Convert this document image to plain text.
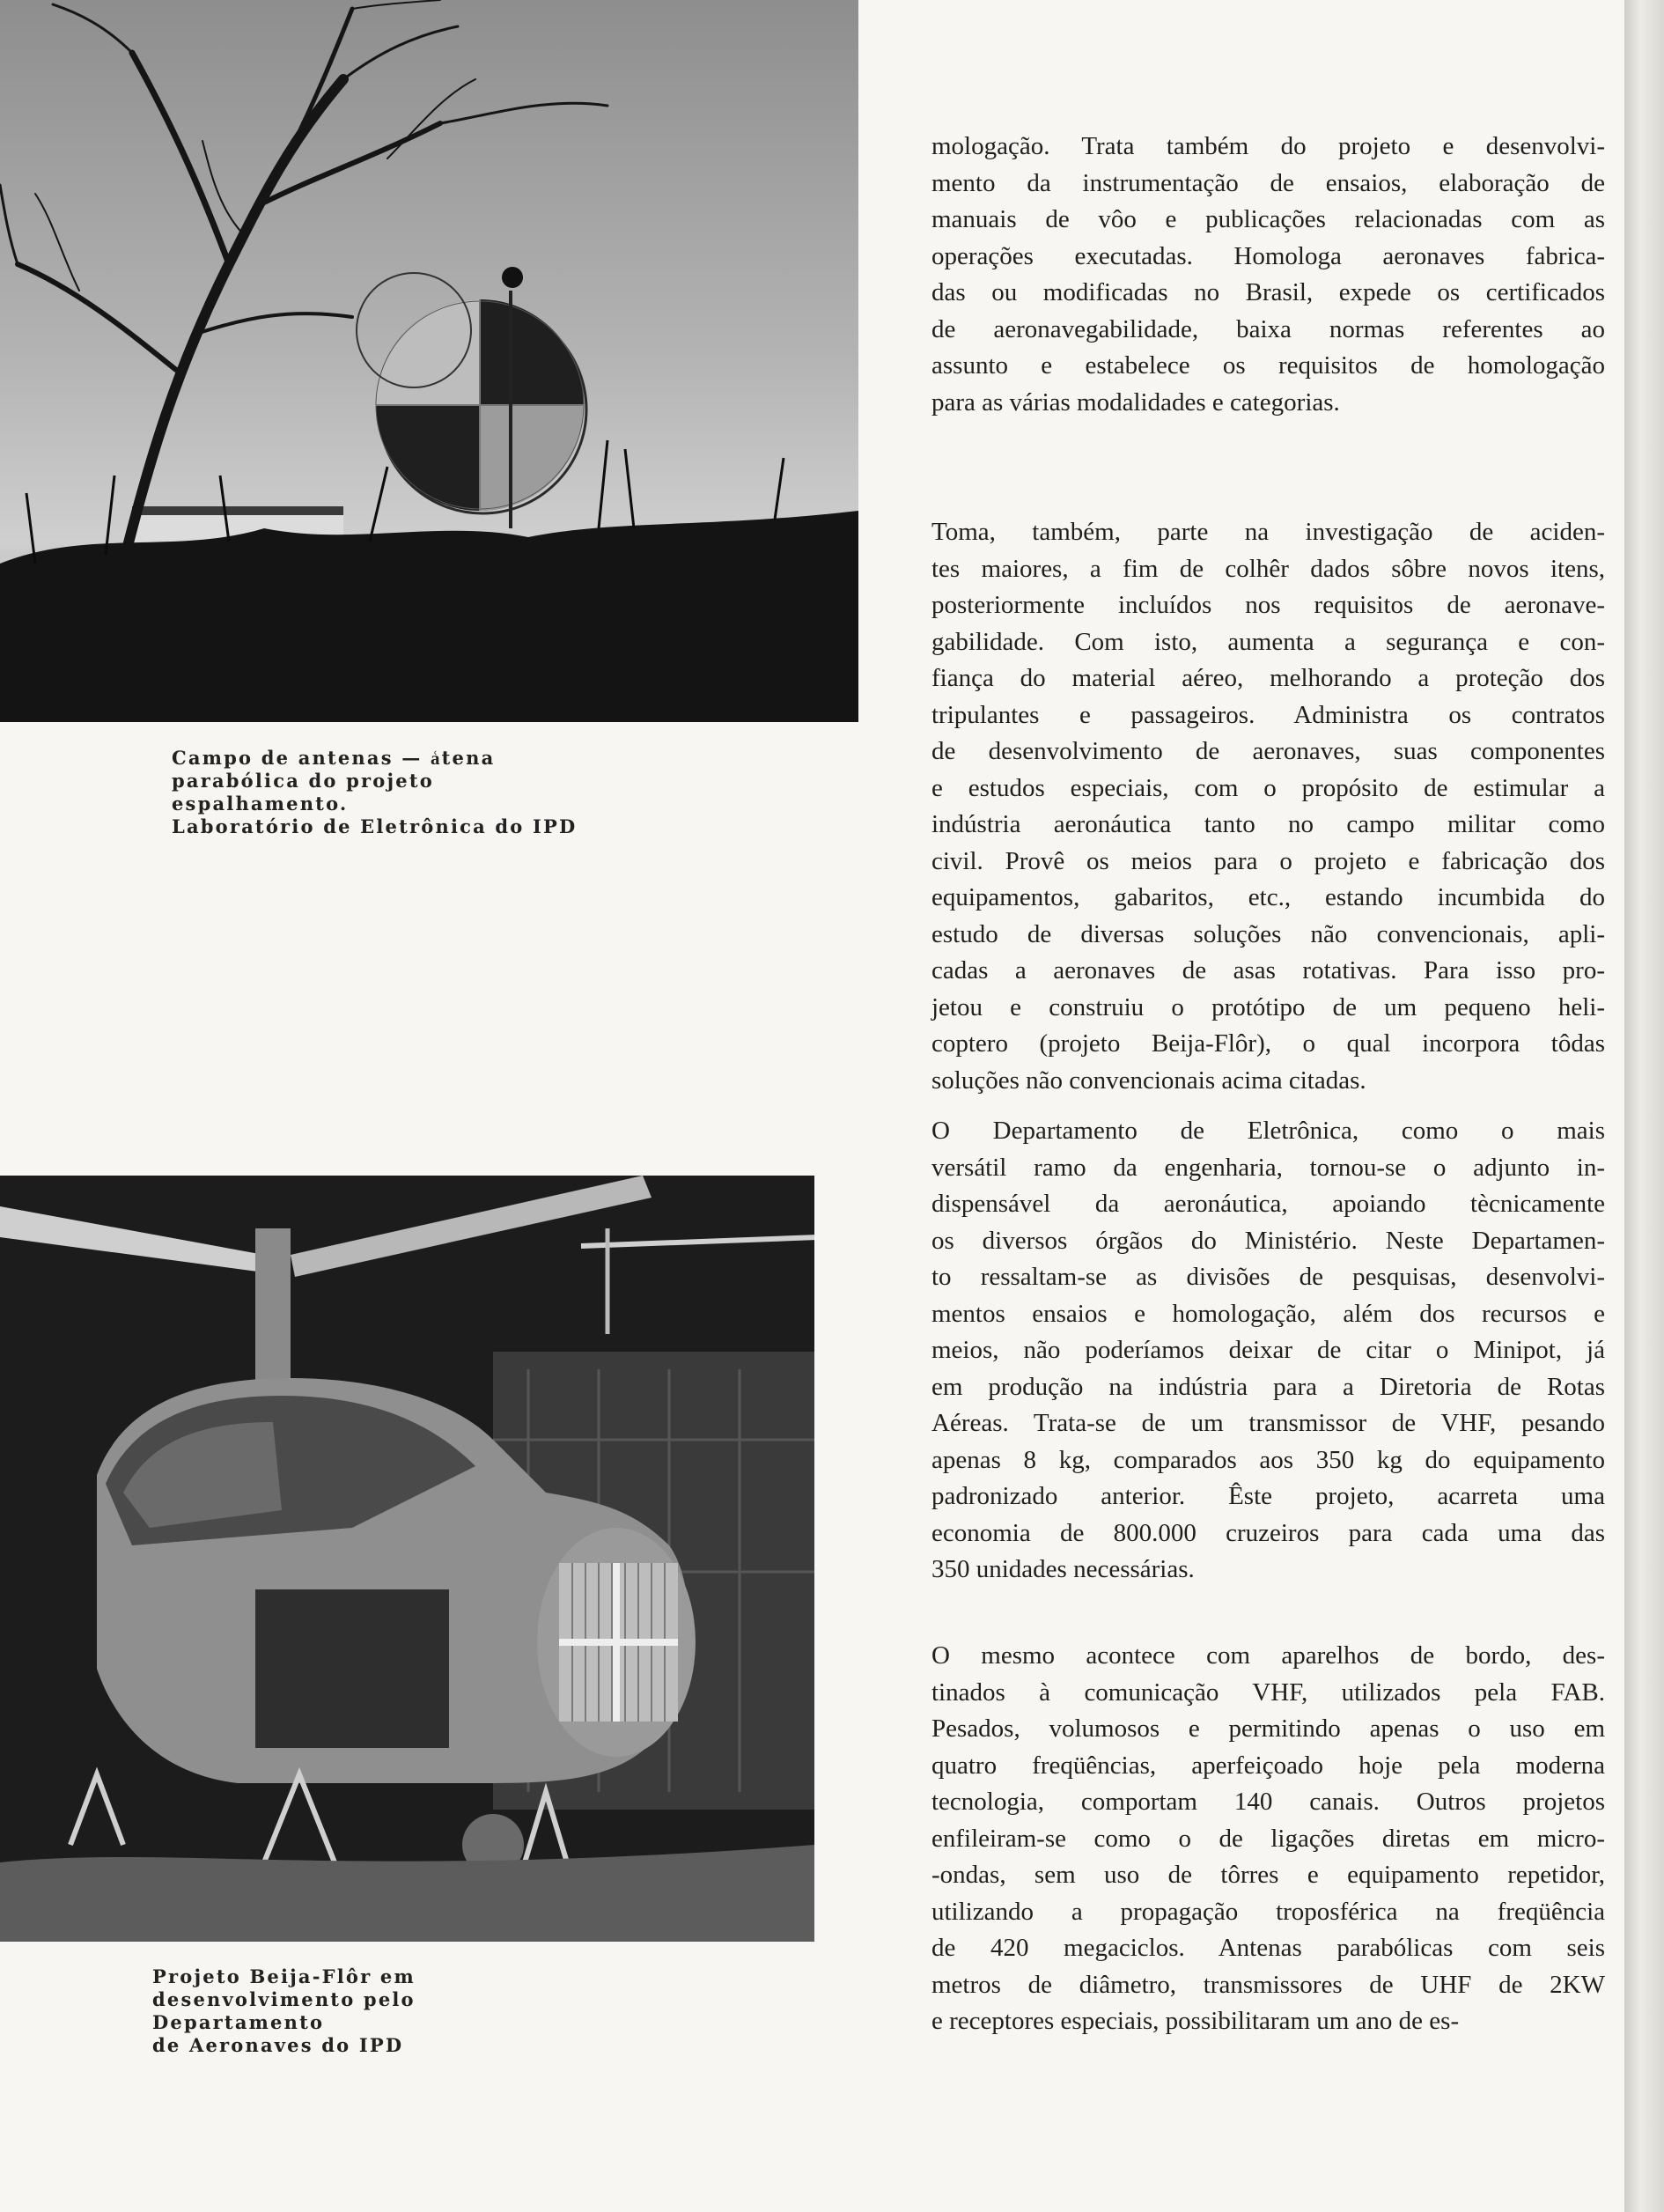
Campo de antenas — a͑tena
parabólica do projeto espalhamento.
Laboratório de Eletrônica do IPD
Projeto Beija-Flôr em
desenvolvimento pelo Departamento
de Aeronaves do IPD

mologação. Trata também do projeto e desenvolvi-
mento da instrumentação de ensaios, elaboração de
manuais de vôo e publicações relacionadas com as
operações executadas. Homologa aeronaves fabrica-
das ou modificadas no Brasil, expede os certificados
de aeronavegabilidade, baixa normas referentes ao
assunto e estabelece os requisitos de homologação
para as várias modalidades e categorias.

Toma, também, parte na investigação de aciden-
tes maiores, a fim de colhêr dados sôbre novos itens,
posteriormente incluídos nos requisitos de aeronave-
gabilidade. Com isto, aumenta a segurança e con-
fiança do material aéreo, melhorando a proteção dos
tripulantes e passageiros. Administra os contratos
de desenvolvimento de aeronaves, suas componentes
e estudos especiais, com o propósito de estimular a
indústria aeronáutica tanto no campo militar como
civil. Provê os meios para o projeto e fabricação dos
equipamentos, gabaritos, etc., estando incumbida do
estudo de diversas soluções não convencionais, apli-
cadas a aeronaves de asas rotativas. Para isso pro-
jetou e construiu o protótipo de um pequeno heli-
coptero (projeto Beija-Flôr), o qual incorpora tôdas
soluções não convencionais acima citadas.

O Departamento de Eletrônica, como o mais
versátil ramo da engenharia, tornou-se o adjunto in-
dispensável da aeronáutica, apoiando tècnicamente
os diversos órgãos do Ministério. Neste Departamen-
to ressaltam-se as divisões de pesquisas, desenvolvi-
mentos ensaios e homologação, além dos recursos e
meios, não poderíamos deixar de citar o Minipot, já
em produção na indústria para a Diretoria de Rotas
Aéreas. Trata-se de um transmissor de VHF, pesando
apenas 8 kg, comparados aos 350 kg do equipamento
padronizado anterior. Êste projeto, acarreta uma
economia de 800.000 cruzeiros para cada uma das
350 unidades necessárias.

O mesmo acontece com aparelhos de bordo, des-
tinados à comunicação VHF, utilizados pela FAB.
Pesados, volumosos e permitindo apenas o uso em
quatro freqüências, aperfeiçoado hoje pela moderna
tecnologia, comportam 140 canais. Outros projetos
enfileiram-se como o de ligações diretas em micro-
-ondas, sem uso de tôrres e equipamento repetidor,
utilizando a propagação troposférica na freqüência
de 420 megaciclos. Antenas parabólicas com seis
metros de diâmetro, transmissores de UHF de 2KW
e receptores especiais, possibilitaram um ano de es-
